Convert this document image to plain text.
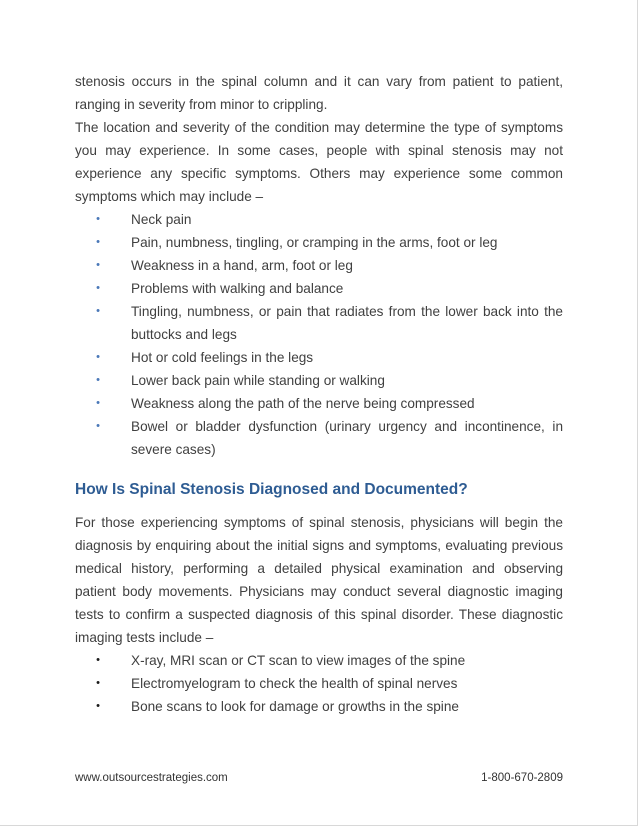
stenosis occurs in the spinal column and it can vary from patient to patient, ranging in severity from minor to crippling.

The location and severity of the condition may determine the type of symptoms you may experience. In some cases, people with spinal stenosis may not experience any specific symptoms. Others may experience some common symptoms which may include –

• Neck pain
• Pain, numbness, tingling, or cramping in the arms, foot or leg
• Weakness in a hand, arm, foot or leg
• Problems with walking and balance
• Tingling, numbness, or pain that radiates from the lower back into the buttocks and legs
• Hot or cold feelings in the legs
• Lower back pain while standing or walking
• Weakness along the path of the nerve being compressed
• Bowel or bladder dysfunction (urinary urgency and incontinence, in severe cases)
How Is Spinal Stenosis Diagnosed and Documented?

For those experiencing symptoms of spinal stenosis, physicians will begin the diagnosis by enquiring about the initial signs and symptoms, evaluating previous medical history, performing a detailed physical examination and observing patient body movements. Physicians may conduct several diagnostic imaging tests to confirm a suspected diagnosis of this spinal disorder. These diagnostic imaging tests include –

• X-ray, MRI scan or CT scan to view images of the spine
• Electromyelogram to check the health of spinal nerves
• Bone scans to look for damage or growths in the spine
www.outsourcestrategies.com	1-800-670-2809
